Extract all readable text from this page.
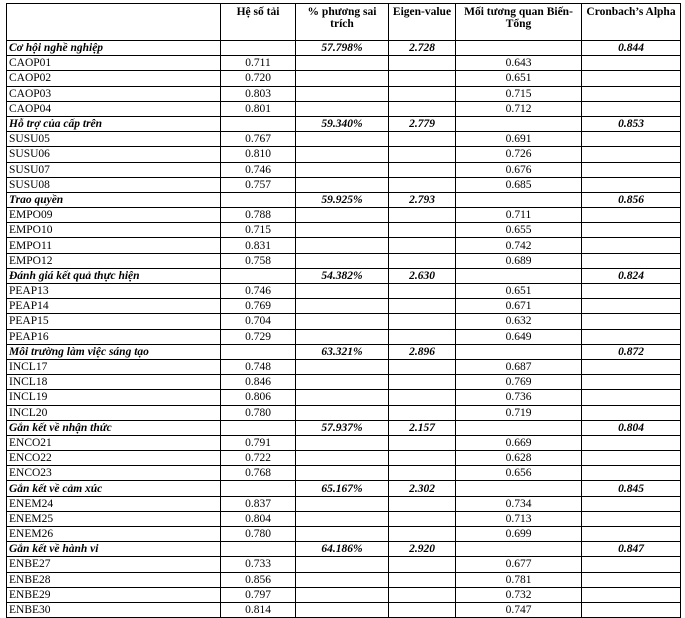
	Hệ số tải	% phương sai trích	Eigen-value	Mối tương quan Biến-Tổng	Cronbach’s Alpha
Cơ hội nghề nghiệp		57.798%	2.728		0.844
CAOP01	0.711			0.643	
CAOP02	0.720			0.651	
CAOP03	0.803			0.715	
CAOP04	0.801			0.712	
Hỗ trợ của cấp trên		59.340%	2.779		0.853
SUSU05	0.767			0.691	
SUSU06	0.810			0.726	
SUSU07	0.746			0.676	
SUSU08	0.757			0.685	
Trao quyền		59.925%	2.793		0.856
EMPO09	0.788			0.711	
EMPO10	0.715			0.655	
EMPO11	0.831			0.742	
EMPO12	0.758			0.689	
Đánh giá kết quả thực hiện		54.382%	2.630		0.824
PEAP13	0.746			0.651	
PEAP14	0.769			0.671	
PEAP15	0.704			0.632	
PEAP16	0.729			0.649	
Môi trường làm việc sáng tạo		63.321%	2.896		0.872
INCL17	0.748			0.687	
INCL18	0.846			0.769	
INCL19	0.806			0.736	
INCL20	0.780			0.719	
Gắn kết về nhận thức		57.937%	2.157		0.804
ENCO21	0.791			0.669	
ENCO22	0.722			0.628	
ENCO23	0.768			0.656	
Gắn kết về cảm xúc		65.167%	2.302		0.845
ENEM24	0.837			0.734	
ENEM25	0.804			0.713	
ENEM26	0.780			0.699	
Gắn kết về hành vi		64.186%	2.920		0.847
ENBE27	0.733			0.677	
ENBE28	0.856			0.781	
ENBE29	0.797			0.732	
ENBE30	0.814			0.747	
